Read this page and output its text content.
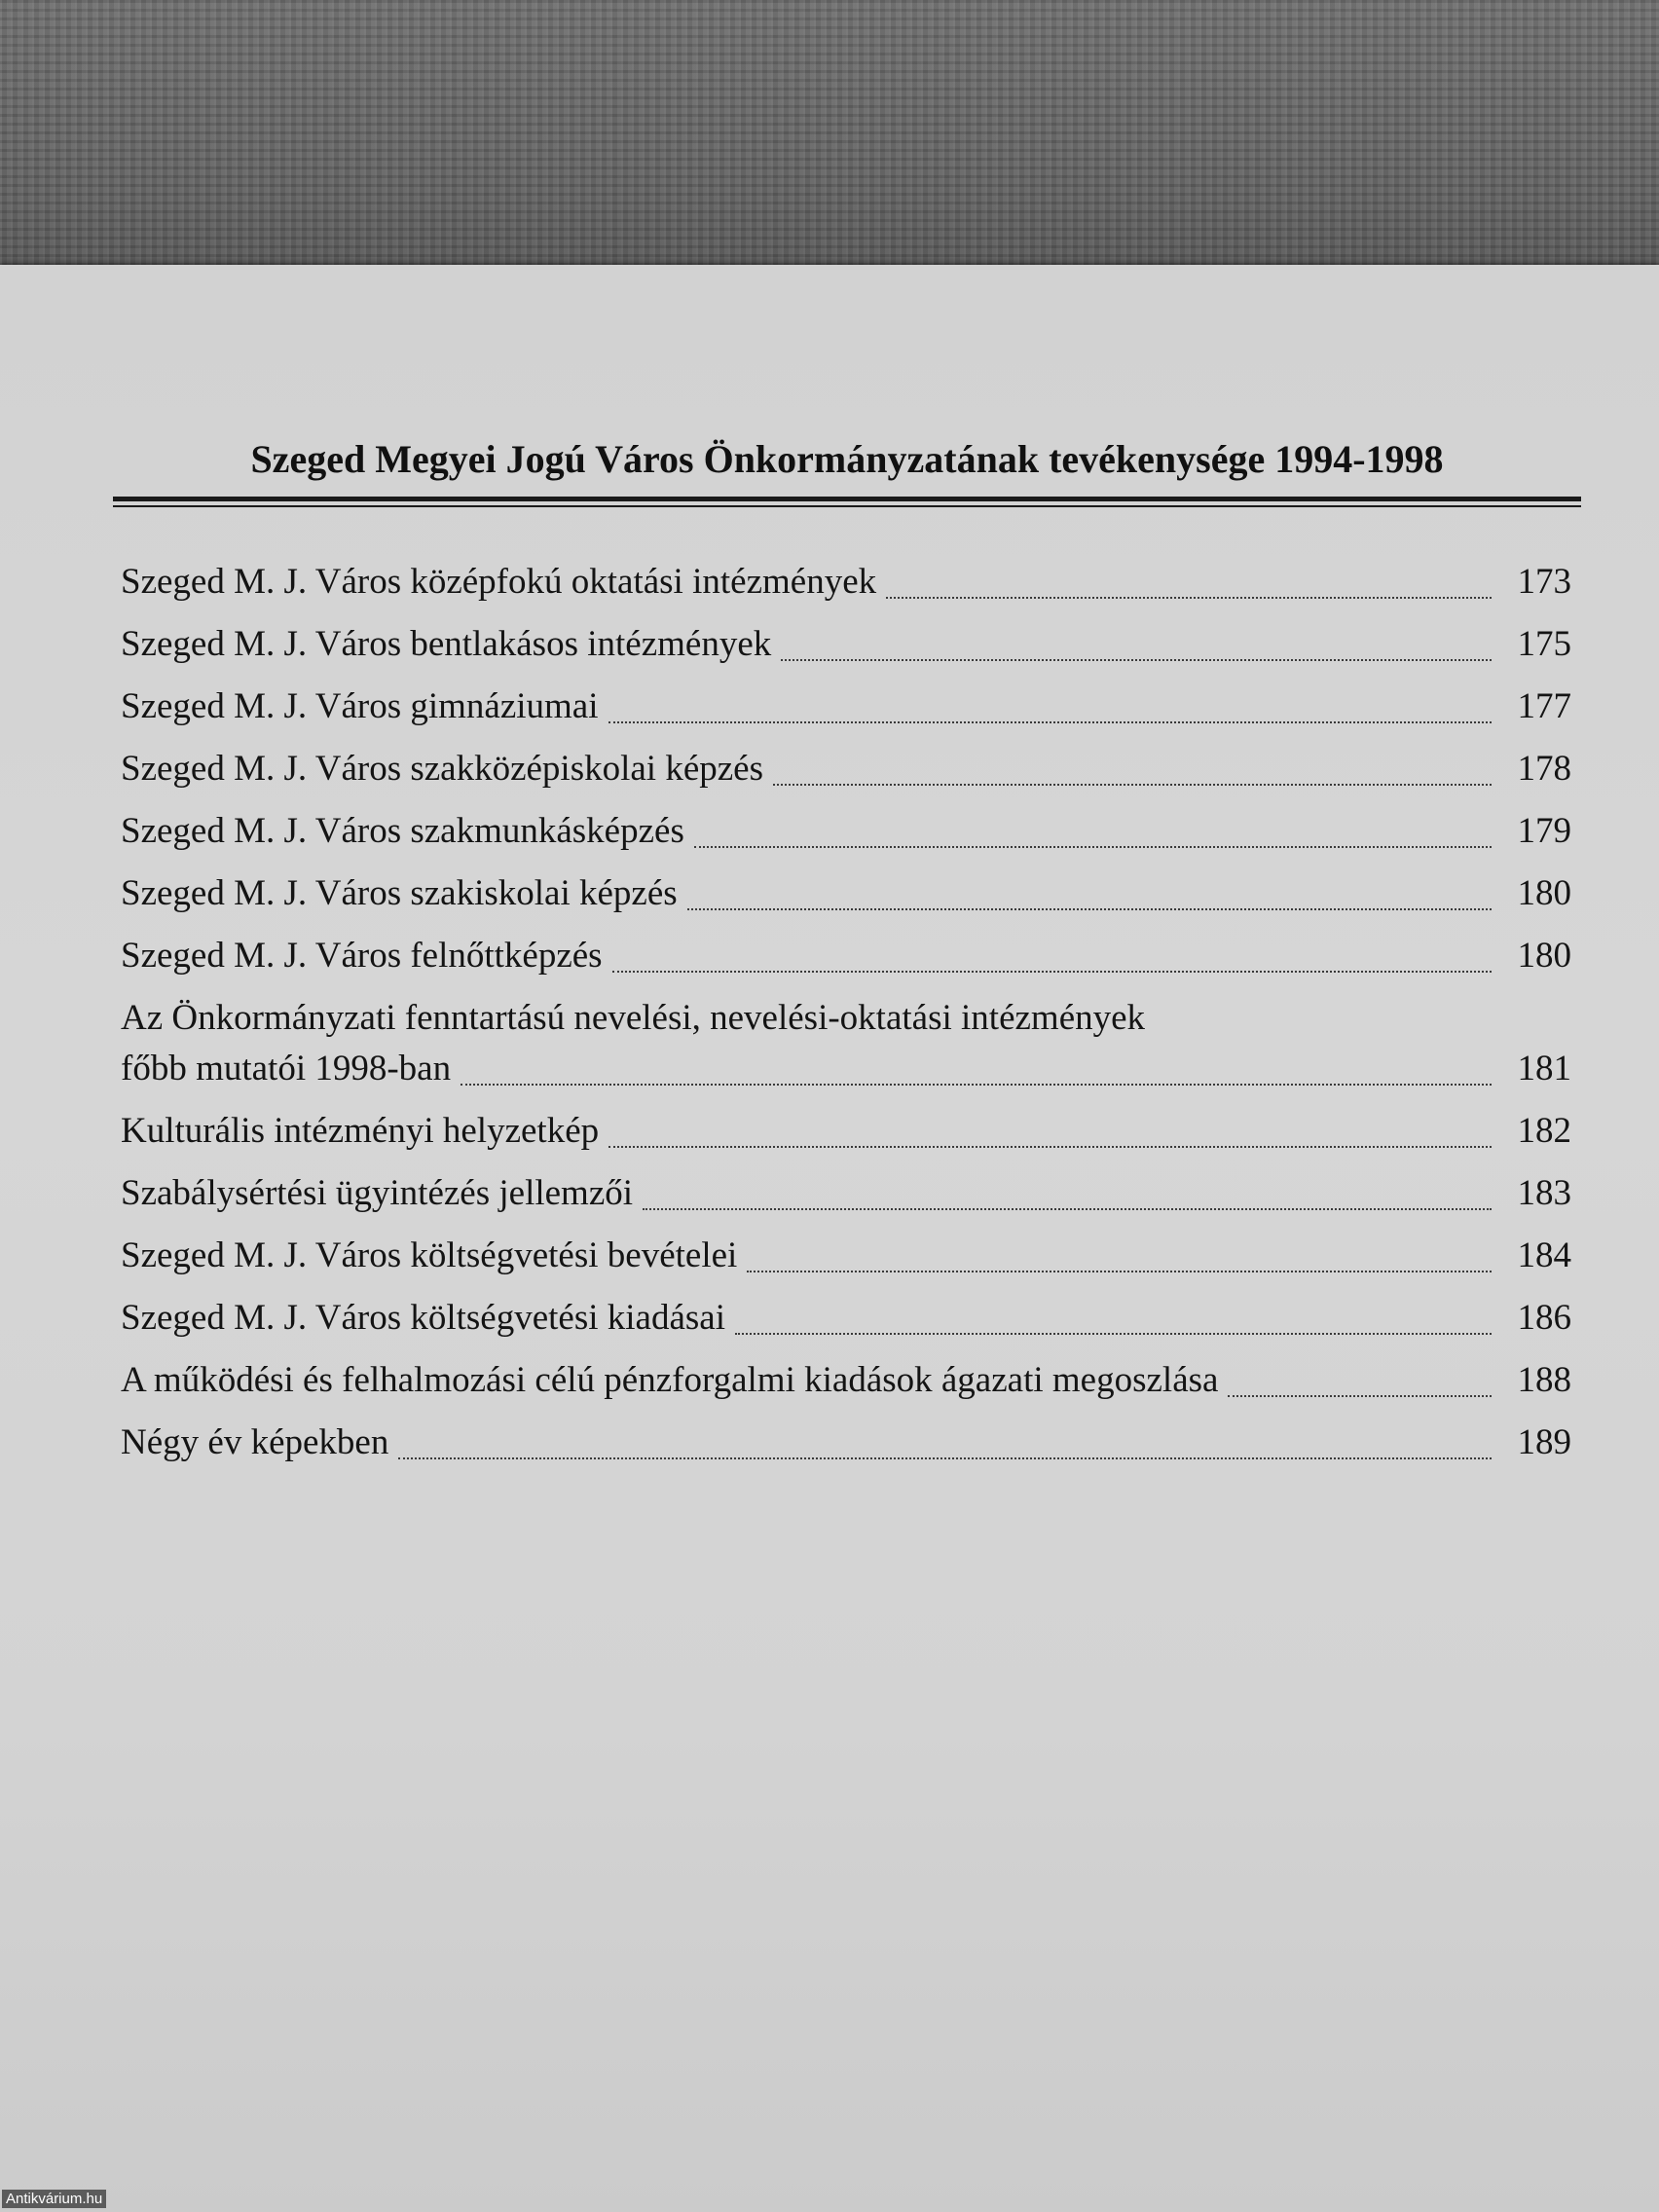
Szeged Megyei Jogú Város Önkormányzatának tevékenysége 1994-1998
Szeged M. J. Város középfokú oktatási intézmények	173
Szeged M. J. Város bentlakásos intézmények	175
Szeged M. J. Város gimnáziumai	177
Szeged M. J. Város szakközépiskolai képzés	178
Szeged M. J. Város szakmunkásképzés	179
Szeged M. J. Város szakiskolai képzés	180
Szeged M. J. Város felnőttképzés	180
Az Önkormányzati fenntartású nevelési, nevelési-oktatási intézmények
főbb mutatói 1998-ban	181
Kulturális intézményi helyzetkép	182
Szabálysértési ügyintézés jellemzői	183
Szeged M. J. Város költségvetési bevételei	184
Szeged M. J. Város költségvetési kiadásai	186
A működési és felhalmozási célú pénzforgalmi kiadások ágazati megoszlása	188
Négy év képekben	189
Antikvárium.hu
